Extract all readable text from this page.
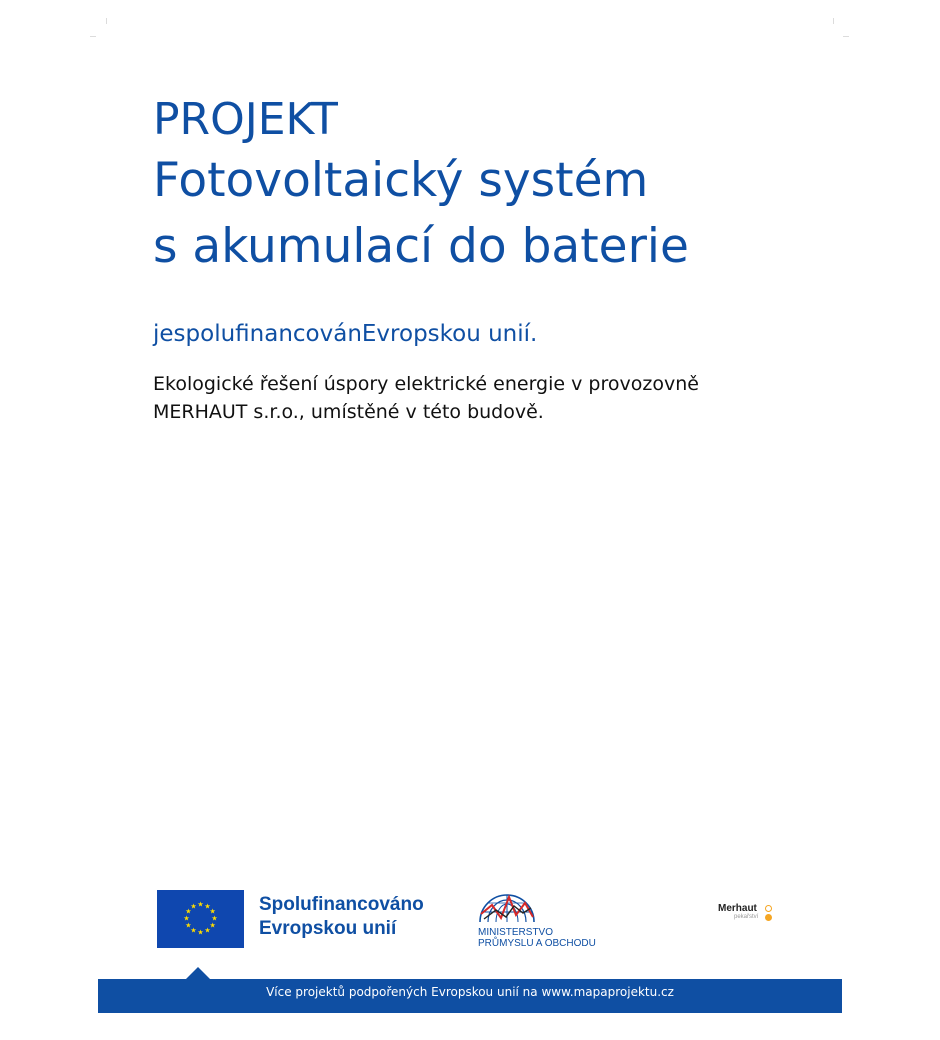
PROJEKT
Fotovoltaický systém
s akumulací do baterie
jespolufinancovánEvropskou unií.
Ekologické řešení úspory elektrické energie v provozovně
MERHAUT s.r.o., umístěné v této budově.
★ ★
★
★
★
★
★
★
★
★
★
★	Spolufinancováno
Evropskou unií	MINISTERSTVO
PRŮMYSLU A OBCHODU
Merhaut
pekařství
Více projektů podpořených Evropskou unií na www.mapaprojektu.cz
